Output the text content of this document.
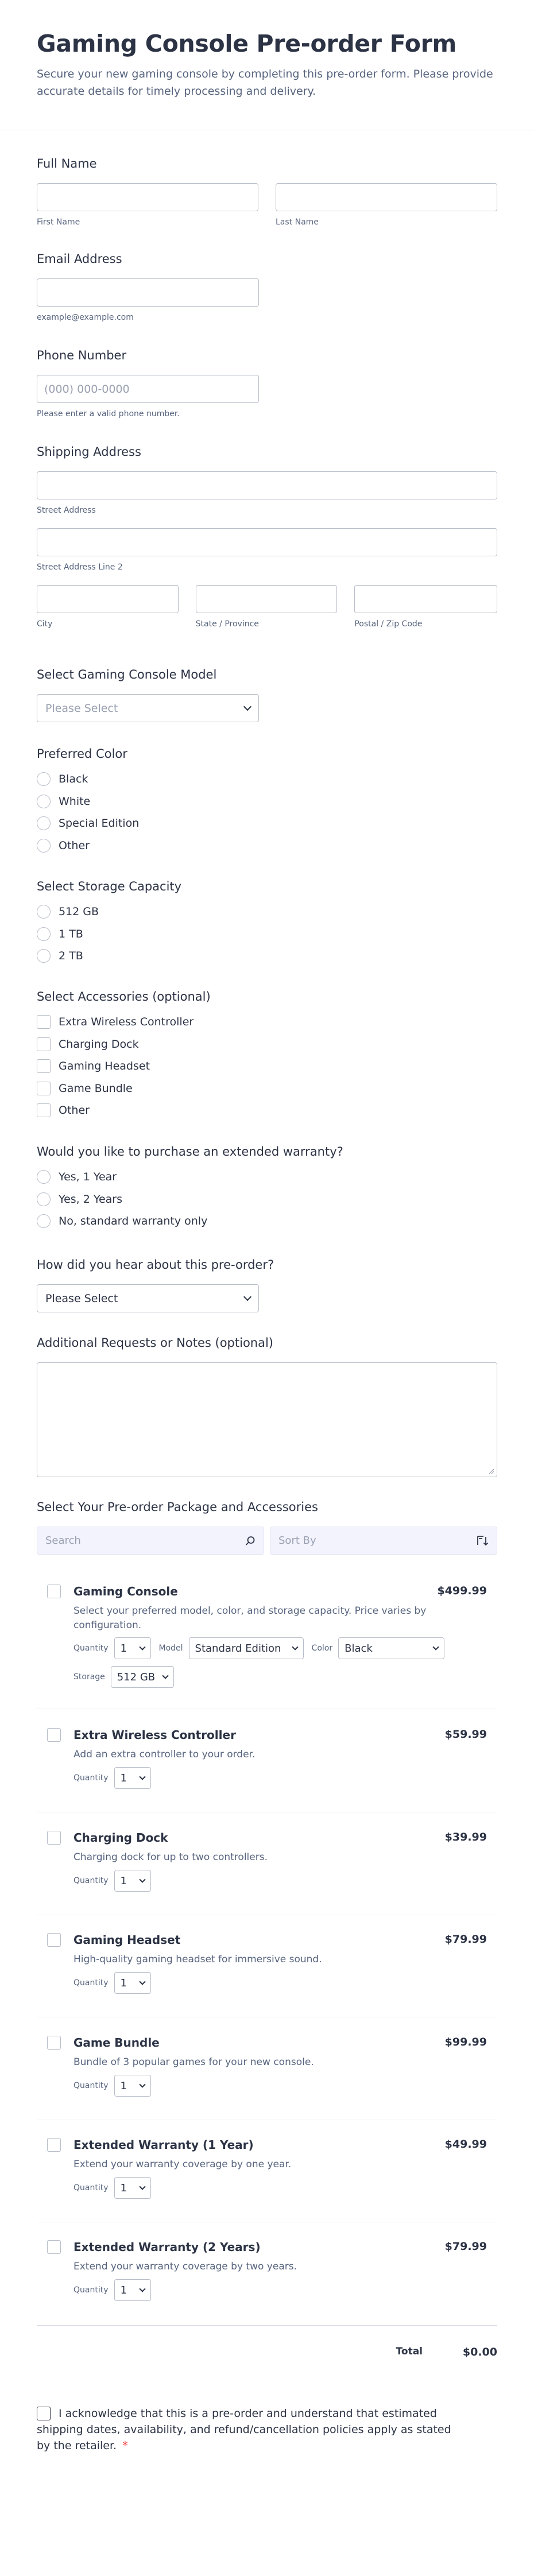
Gaming Console Pre-order Form
Secure your new gaming console by completing this pre-order form. Please provide accurate details for timely processing and delivery.
Full Name
First Name	Last Name
Email Address
example@example.com
Phone Number
(000) 000-0000
Please enter a valid phone number.
Shipping Address
Street Address
Street Address Line 2
City	State / Province	Postal / Zip Code
Select Gaming Console Model
Please Select
Preferred Color
Black
White
Special Edition
Other
Select Storage Capacity
512 GB
1 TB
2 TB
Select Accessories (optional)
Extra Wireless Controller
Charging Dock
Gaming Headset
Game Bundle
Other
Would you like to purchase an extended warranty?
Yes, 1 Year
Yes, 2 Years
No, standard warranty only
How did you hear about this pre-order?
Please Select
Additional Requests or Notes (optional)
Select Your Pre-order Package and Accessories
Search	Sort By
Gaming Console	$499.99
Select your preferred model, color, and storage capacity. Price varies by configuration.
Quantity 1	Model Standard Edition	Color Black
Storage 512 GB
Extra Wireless Controller	$59.99
Add an extra controller to your order.
Quantity 1
Charging Dock	$39.99
Charging dock for up to two controllers.
Quantity 1
Gaming Headset	$79.99
High-quality gaming headset for immersive sound.
Quantity 1
Game Bundle	$99.99
Bundle of 3 popular games for your new console.
Quantity 1
Extended Warranty (1 Year)	$49.99
Extend your warranty coverage by one year.
Quantity 1
Extended Warranty (2 Years)	$79.99
Extend your warranty coverage by two years.
Quantity 1
Total	$0.00
I acknowledge that this is a pre-order and understand that estimated shipping dates, availability, and refund/cancellation policies apply as stated by the retailer. *
